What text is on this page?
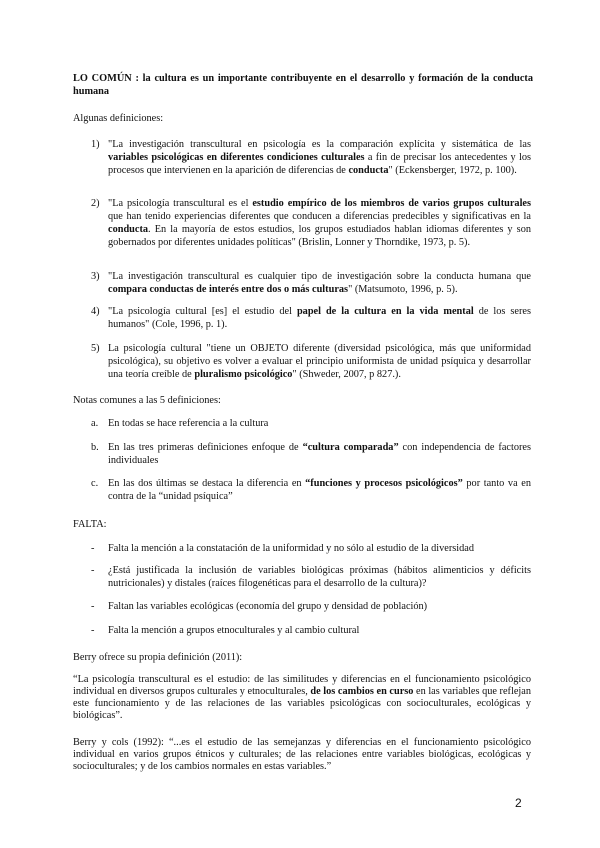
LO COMÚN : la cultura es un importante contribuyente en el desarrollo y formación de la conducta humana
Algunas definiciones:
1) "La investigación transcultural en psicología es la comparación explícita y sistemática de las variables psicológicas en diferentes condiciones culturales a fin de precisar los antecedentes y los procesos que intervienen en la aparición de diferencias de conducta" (Eckensberger, 1972, p. 100).
2) "La psicología transcultural es el estudio empírico de los miembros de varios grupos culturales que han tenido experiencias diferentes que conducen a diferencias predecibles y significativas en la conducta. En la mayoría de estos estudios, los grupos estudiados hablan idiomas diferentes y son gobernados por diferentes unidades políticas" (Brislin, Lonner y Thorndike, 1973, p. 5).
3) "La investigación transcultural es cualquier tipo de investigación sobre la conducta humana que compara conductas de interés entre dos o más culturas" (Matsumoto, 1996, p. 5).
4) "La psicología cultural [es] el estudio del papel de la cultura en la vida mental de los seres humanos" (Cole, 1996, p. 1).
5) La psicología cultural "tiene un OBJETO diferente (diversidad psicológica, más que uniformidad psicológica), su objetivo es volver a evaluar el principio uniformista de unidad psíquica y desarrollar una teoría creíble de pluralismo psicológico" (Shweder, 2007, p 827.).
Notas comunes a las 5 definiciones:
a. En todas se hace referencia a la cultura
b. En las tres primeras definiciones enfoque de “cultura comparada” con independencia de factores individuales
c. En las dos últimas se destaca la diferencia en “funciones y procesos psicológicos” por tanto va en contra de la “unidad psíquica”
FALTA:
-	Falta la mención a la constatación de la uniformidad y no sólo al estudio de la diversidad
-	¿Está justificada la inclusión de variables biológicas próximas (hábitos alimenticios y déficits nutricionales) y distales (raíces filogenéticas para el desarrollo de la cultura)?
-	Faltan las variables ecológicas (economía del grupo y densidad de población)
-	Falta la mención a grupos etnoculturales y al cambio cultural
Berry ofrece su propia definición (2011):
“La psicología transcultural es el estudio: de las similitudes y diferencias en el funcionamiento psicológico individual en diversos grupos culturales y etnoculturales, de los cambios en curso en las variables que reflejan este funcionamiento y de las relaciones de las variables psicológicas con socioculturales, ecológicas y biológicas”.
Berry y cols (1992): “...es el estudio de las semejanzas y diferencias en el funcionamiento psicológico individual en varios grupos étnicos y culturales; de las relaciones entre variables biológicas, ecológicas y socioculturales; y de los cambios normales en estas variables.”
2
